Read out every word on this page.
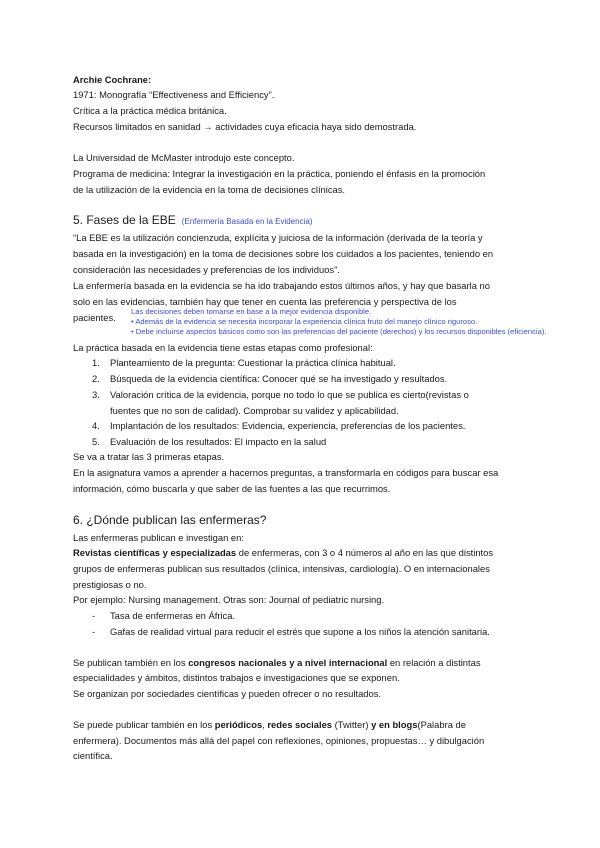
Archie Cochrane:
1971: Monografía “Effectiveness and Efficiency”.
Crítica a la práctica médica británica.
Recursos limitados en sanidad → actividades cuya eficacia haya sido demostrada.
La Universidad de McMaster introdujo este concepto.
Programa de medicina: Integrar la investigación en la práctica, poniendo el énfasis en la promoción
de la utilización de la evidencia en la toma de decisiones clínicas.
5. Fases de la EBE (Enfermería Basada en la Evidencia)
“La EBE es la utilización concienzuda, explícita y juiciosa de la información (derivada de la teoría y
basada en la investigación) en la toma de decisiones sobre los cuidados a los pacientes, teniendo en
consideración las necesidades y preferencias de los individuos”.
La enfermería basada en la evidencia se ha ido trabajando estos últimos años, y hay que basarla no
solo en las evidencias, también hay que tener en cuenta las preferencia y perspectiva de los
pacientes.
Las decisiones deben tomarse en base a la mejor evidencia disponible.
• Además de la evidencia se necesita incorporar la experiencia clínica fruto del manejo clínico riguroso.
• Debe incluirse aspectos básicos como son las preferencias del paciente (derechos) y los recursos disponibles (eficiencia).
La práctica basada en la evidencia tiene estas etapas como profesional:
1. Planteamiento de la pregunta: Cuestionar la práctica clínica habitual.
2. Búsqueda de la evidencia científica: Conocer qué se ha investigado y resultados.
3. Valoración crítica de la evidencia, porque no todo lo que se publica es cierto(revistas o
fuentes que no son de calidad). Comprobar su validez y aplicabilidad.
4. Implantación de los resultados: Evidencia, experiencia, preferencias de los pacientes.
5. Evaluación de los resultados: El impacto en la salud
Se va a tratar las 3 primeras etapas.
En la asignatura vamos a aprender a hacernos preguntas, a transformarla en códigos para buscar esa
información, cómo buscarla y que saber de las fuentes a las que recurrimos.
6. ¿Dónde publican las enfermeras?
Las enfermeras publican e investigan en:
Revistas científicas y especializadas de enfermeras, con 3 o 4 números al año en las que distintos
grupos de enfermeras publican sus resultados (clínica, intensivas, cardiología). O en internacionales
prestigiosas o no.
Por ejemplo: Nursing management. Otras son: Journal of pediatric nursing.
- Tasa de enfermeras en África.
- Gafas de realidad virtual para reducir el estrés que supone a los niños la atención sanitaria.
Se publican también en los congresos nacionales y a nivel internacional en relación a distintas
especialidades y ámbitos, distintos trabajos e investigaciones que se exponen.
Se organizan por sociedades científicas y pueden ofrecer o no resultados.
Se puede publicar también en los periódicos, redes sociales (Twitter) y en blogs(Palabra de
enfermera). Documentos más allá del papel con reflexiones, opiniones, propuestas… y dibulgación
científica.
